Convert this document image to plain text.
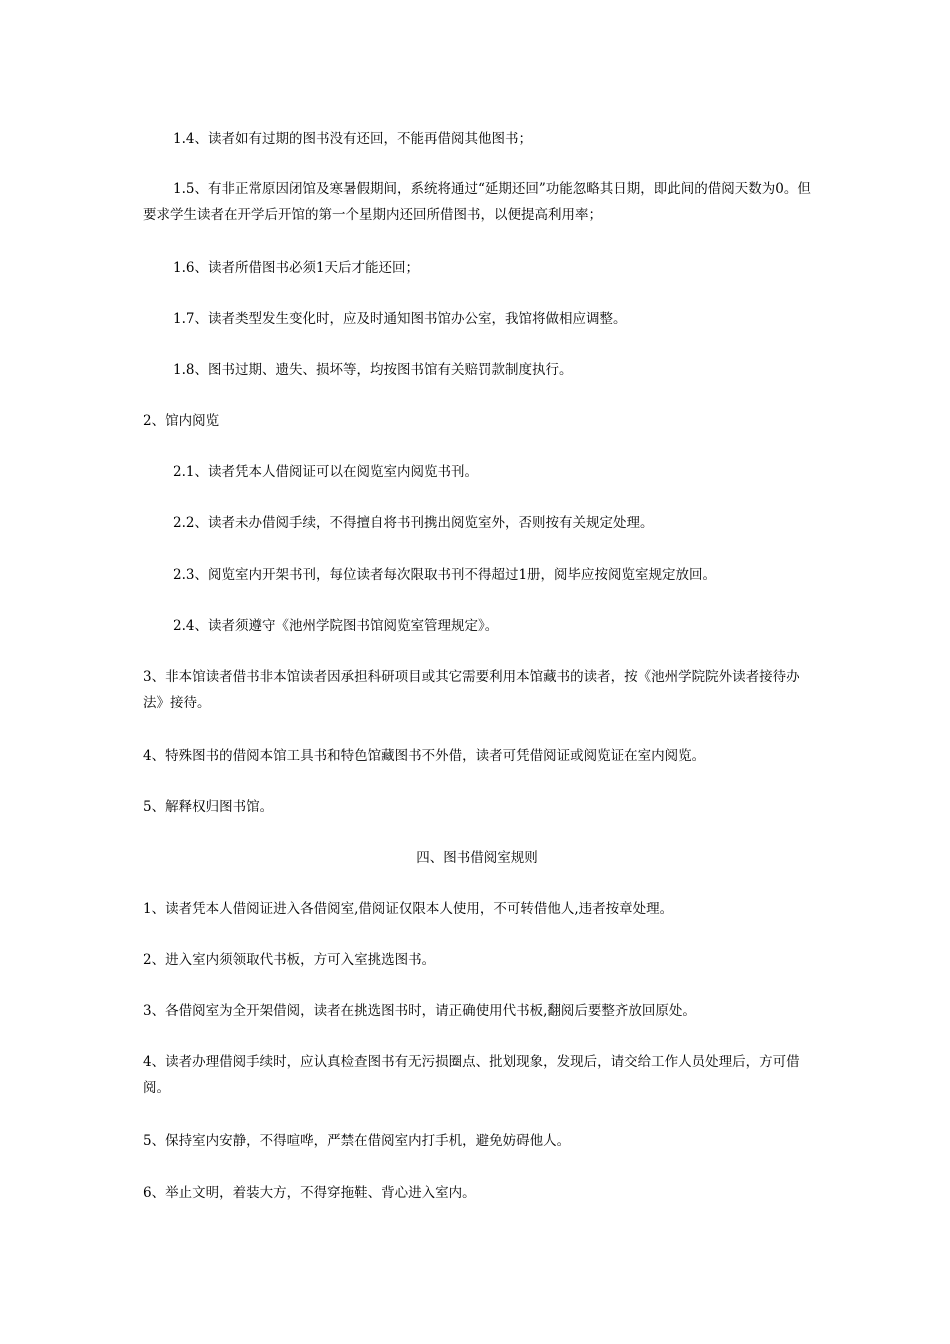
1.4、读者如有过期的图书没有还回，不能再借阅其他图书；

1.5、有非正常原因闭馆及寒暑假期间，系统将通过“延期还回”功能忽略其日期，即此间的借阅天数为0。但要求学生读者在开学后开馆的第一个星期内还回所借图书，以便提高利用率；

1.6、读者所借图书必须1天后才能还回；

1.7、读者类型发生变化时，应及时通知图书馆办公室，我馆将做相应调整。

1.8、图书过期、遗失、损坏等，均按图书馆有关赔罚款制度执行。

2、馆内阅览

2.1、读者凭本人借阅证可以在阅览室内阅览书刊。

2.2、读者未办借阅手续，不得擅自将书刊携出阅览室外，否则按有关规定处理。

2.3、阅览室内开架书刊，每位读者每次限取书刊不得超过1册，阅毕应按阅览室规定放回。

2.4、读者须遵守《池州学院图书馆阅览室管理规定》。

3、非本馆读者借书非本馆读者因承担科研项目或其它需要利用本馆藏书的读者，按《池州学院院外读者接待办法》接待。

4、特殊图书的借阅本馆工具书和特色馆藏图书不外借，读者可凭借阅证或阅览证在室内阅览。

5、解释权归图书馆。

四、图书借阅室规则

1、读者凭本人借阅证进入各借阅室,借阅证仅限本人使用，不可转借他人,违者按章处理。

2、进入室内须领取代书板，方可入室挑选图书。

3、各借阅室为全开架借阅，读者在挑选图书时，请正确使用代书板,翻阅后要整齐放回原处。

4、读者办理借阅手续时，应认真检查图书有无污损圈点、批划现象，发现后，请交给工作人员处理后，方可借阅。

5、保持室内安静，不得喧哗，严禁在借阅室内打手机，避免妨碍他人。

6、举止文明，着装大方，不得穿拖鞋、背心进入室内。
